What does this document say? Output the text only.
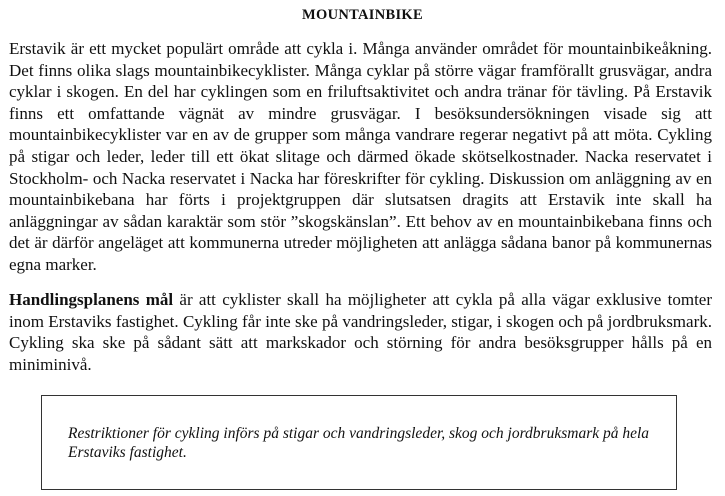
MOUNTAINBIKE

Erstavik är ett mycket populärt område att cykla i. Många använder området för mountainbikeåkning. Det finns olika slags mountainbikecyklister. Många cyklar på större vägar framförallt grusvägar, andra cyklar i skogen. En del har cyklingen som en friluftsaktivitet och andra tränar för tävling. På Erstavik finns ett omfattande vägnät av mindre grusvägar. I besöksundersökningen visade sig att mountainbikecyklister var en av de grupper som många vandrare regerar negativt på att möta. Cykling på stigar och leder, leder till ett ökat slitage och därmed ökade skötselkostnader. Nacka reservatet i Stockholm- och Nacka reservatet i Nacka har föreskrifter för cykling. Diskussion om anläggning av en mountainbikebana har förts i projektgruppen där slutsatsen dragits att Erstavik inte skall ha anläggningar av sådan karaktär som stör ”skogskänslan”. Ett behov av en mountainbikebana finns och det är därför angeläget att kommunerna utreder möjligheten att anlägga sådana banor på kommunernas egna marker.

Handlingsplanens mål är att cyklister skall ha möjligheter att cykla på alla vägar exklusive tomter inom Erstaviks fastighet. Cykling får inte ske på vandringsleder, stigar, i skogen och på jordbruksmark. Cykling ska ske på sådant sätt att markskador och störning för andra besöksgrupper hålls på en miniminivå.

Restriktioner för cykling införs på stigar och vandringsleder, skog och jordbruksmark på hela Erstaviks fastighet.
